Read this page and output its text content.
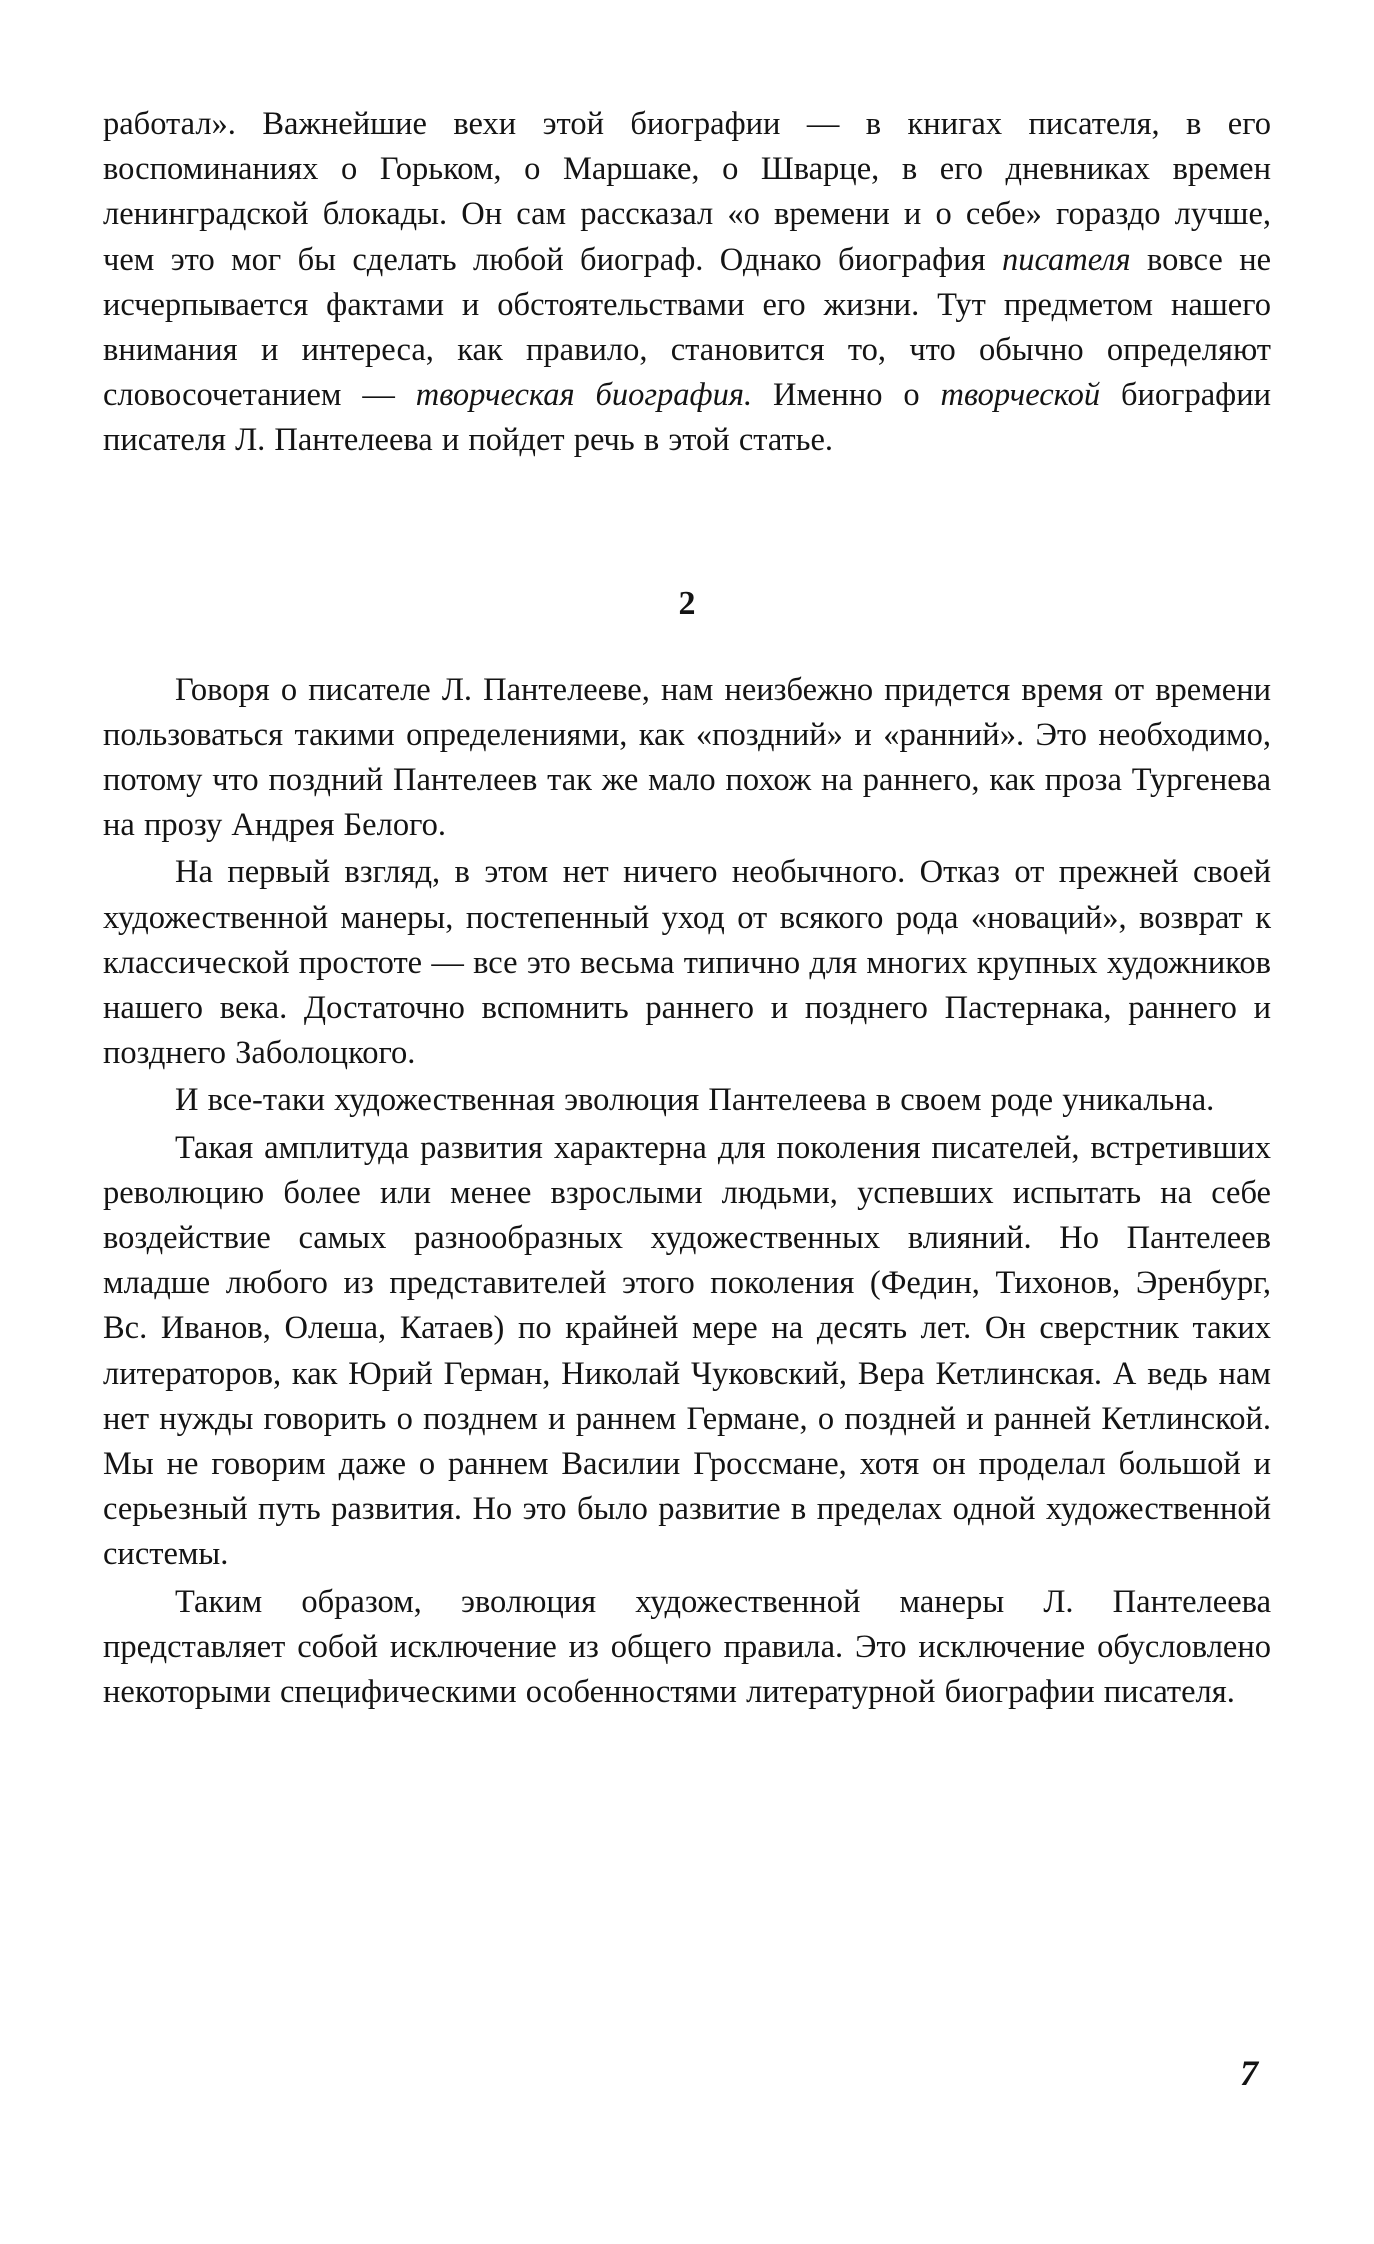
работал». Важнейшие вехи этой биографии — в книгах писателя, в его воспоминаниях о Горьком, о Маршаке, о Шварце, в его дневниках времен ленинградской блокады. Он сам рассказал «о времени и о себе» гораздо лучше, чем это мог бы сделать любой биограф. Однако биография писателя вовсе не исчерпывается фактами и обстоятельствами его жизни. Тут предметом нашего внимания и интереса, как правило, становится то, что обычно определяют словосочетанием — творческая биография. Именно о творческой биографии писателя Л. Пантелеева и пойдет речь в этой статье.

2

Говоря о писателе Л. Пантелееве, нам неизбежно придется время от времени пользоваться такими определениями, как «поздний» и «ранний». Это необходимо, потому что поздний Пантелеев так же мало похож на раннего, как проза Тургенева на прозу Андрея Белого.

На первый взгляд, в этом нет ничего необычного. Отказ от прежней своей художественной манеры, постепенный уход от всякого рода «новаций», возврат к классической простоте — все это весьма типично для многих крупных художников нашего века. Достаточно вспомнить раннего и позднего Пастернака, раннего и позднего Заболоцкого.

И все-таки художественная эволюция Пантелеева в своем роде уникальна.

Такая амплитуда развития характерна для поколения писателей, встретивших революцию более или менее взрослыми людьми, успевших испытать на себе воздействие самых разнообразных художественных влияний. Но Пантелеев младше любого из представителей этого поколения (Федин, Тихонов, Эренбург, Вс. Иванов, Олеша, Катаев) по крайней мере на десять лет. Он сверстник таких литераторов, как Юрий Герман, Николай Чуковский, Вера Кетлинская. А ведь нам нет нужды говорить о позднем и раннем Германе, о поздней и ранней Кетлинской. Мы не говорим даже о раннем Василии Гроссмане, хотя он проделал большой и серьезный путь развития. Но это было развитие в пределах одной художественной системы.

Таким образом, эволюция художественной манеры Л. Пантелеева представляет собой исключение из общего правила. Это исключение обусловлено некоторыми специфическими особенностями литературной биографии писателя.

7
